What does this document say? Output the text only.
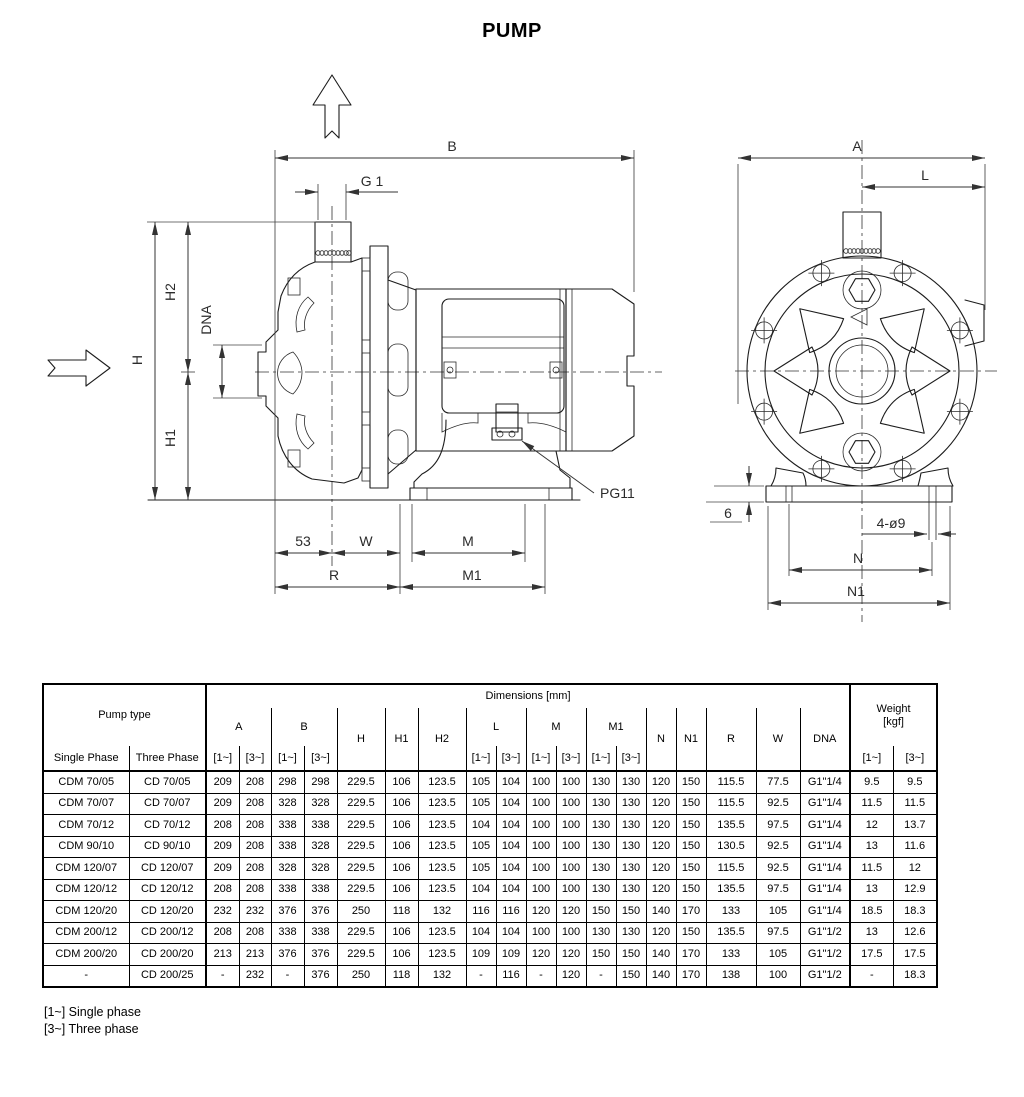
PUMP
B
G 1
H
H2
H1
DNA
53	W	M
R	M1
PG11
A
L
6
4-ø9
N
N1
Pump type		Dimensions [mm]																		Weight
[kgf]	

		A		B		H	H1	H2	L		M		M1		N	N1	R	W	DNA		
Single Phase	Three Phase	[1~]	[3~]	[1~]	[3~]				[1~]	[3~]	[1~]	[3~]	[1~]	[3~]						[1~]	[3~]
CDM 70/05	CD 70/05	209	208	298	298	229.5	106	123.5	105	104	100	100	130	130	120	150	115.5	77.5	G1"1/4	9.5	9.5
CDM 70/07	CD 70/07	209	208	328	328	229.5	106	123.5	105	104	100	100	130	130	120	150	115.5	92.5	G1"1/4	11.5	11.5
CDM 70/12	CD 70/12	208	208	338	338	229.5	106	123.5	104	104	100	100	130	130	120	150	135.5	97.5	G1"1/4	12	13.7
CDM 90/10	CD 90/10	209	208	338	328	229.5	106	123.5	105	104	100	100	130	130	120	150	130.5	92.5	G1"1/4	13	11.6
CDM 120/07	CD 120/07	209	208	328	328	229.5	106	123.5	105	104	100	100	130	130	120	150	115.5	92.5	G1"1/4	11.5	12
CDM 120/12	CD 120/12	208	208	338	338	229.5	106	123.5	104	104	100	100	130	130	120	150	135.5	97.5	G1"1/4	13	12.9
CDM 120/20	CD 120/20	232	232	376	376	250	118	132	116	116	120	120	150	150	140	170	133	105	G1"1/4	18.5	18.3
CDM 200/12	CD 200/12	208	208	338	338	229.5	106	123.5	104	104	100	100	130	130	120	150	135.5	97.5	G1"1/2	13	12.6
CDM 200/20	CD 200/20	213	213	376	376	229.5	106	123.5	109	109	120	120	150	150	140	170	133	105	G1"1/2	17.5	17.5
-	CD 200/25	-	232	-	376	250	118	132	-	116	-	120	-	150	140	170	138	100	G1"1/2	-	18.3
[1~] Single phase
[3~] Three phase
